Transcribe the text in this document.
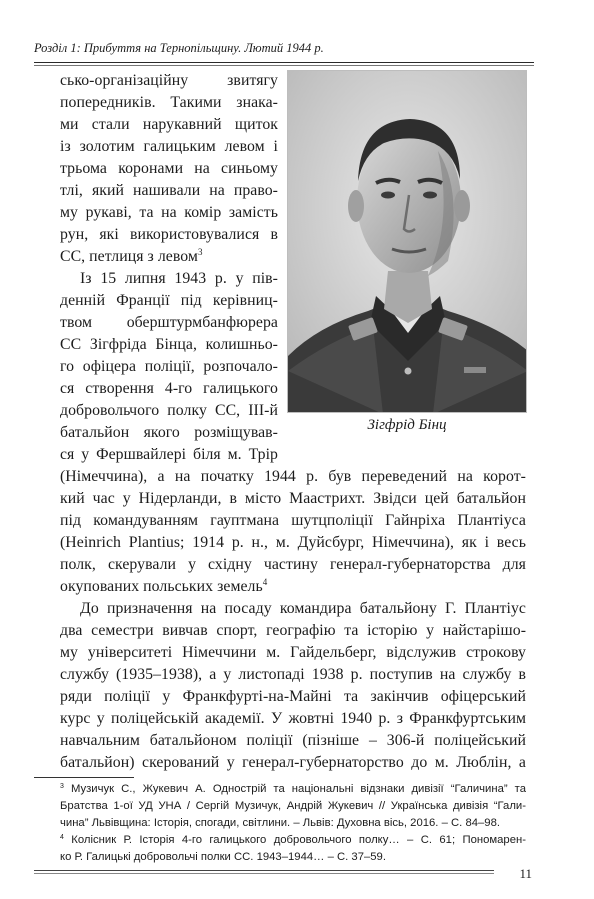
Розділ 1: Прибуття на Тернопільщину. Лютий 1944 р.
сько-організаційну звитягу
попередників. Такими знака-
ми стали нарукавний щиток
із золотим галицьким левом і
трьома коронами на синьому
тлі, який нашивали на право-
му рукаві, та на комір замість
рун, які використовувалися в
СС, петлиця з левом$^3$
Із 15 липня 1943 р. у пів-
денній Франції під керівниц-
твом оберштурмбанфюрера
СС Зігфріда Бінца, колишньо-
го офіцера поліції, розпочало-
ся створення 4-го галицького
добровольчого полку СС, ІІІ-й
батальйон якого розміщував-
ся у Фершвайлері біля м. Трір
Зігфрід Бінц
(Німеччина), а на початку 1944 р. був переведений на корот-
кий час у Нідерланди, в місто Маастрихт. Звідси цей батальйон
під командуванням гауптмана шутцполіції Гайнріха Плантіуса
(Heinrich Plantius; 1914 р. н., м. Дуйсбург, Німеччина), як і весь
полк, скерували у східну частину генерал-губернаторства для
окупованих польських земель$^4$
До призначення на посаду командира батальйону Г. Плантіус
два семестри вивчав спорт, географію та історію у найстарішо-
му університеті Німеччини м. Гайдельберг, відслужив строкову
службу (1935–1938), а у листопаді 1938 р. поступив на службу в
ряди поліції у Франкфурті-на-Майні та закінчив офіцерський
курс у поліцейській академії. У жовтні 1940 р. з Франкфуртським
навчальним батальйоном поліції (пізніше – 306-й поліцейський
батальйон) скерований у генерал-губернаторство до м. Люблін, а
$^3$ Музичук С., Жукевич А. Однострій та національні відзнаки дивізії “Галичина” та
Братства 1-ої УД УНА / Сергій Музичук, Андрій Жукевич // Українська дивізія “Гали-
чина” Львівщина: Історія, спогади, світлини. – Львів: Духовна вісь, 2016. – С. 84–98.
$^4$ Колісник Р. Історія 4-го галицького добровольчого полку… – С. 61; Пономарен-
ко Р. Галицькі добровольчі полки СС. 1943–1944… – С. 37–59.
11
